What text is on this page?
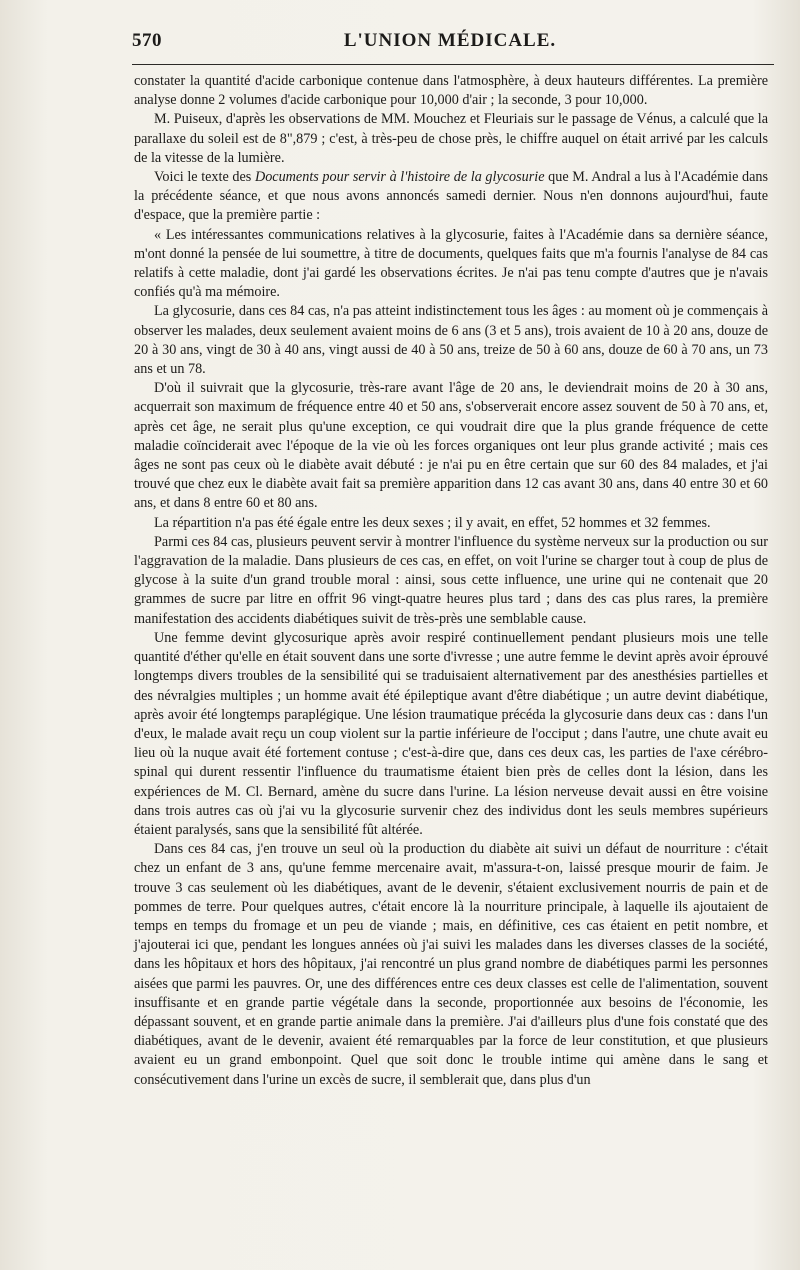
570	L'UNION MÉDICALE.

constater la quantité d'acide carbonique contenue dans l'atmosphère, à deux hauteurs différentes. La première analyse donne 2 volumes d'acide carbonique pour 10,000 d'air ; la seconde, 3 pour 10,000.

M. Puiseux, d'après les observations de MM. Mouchez et Fleuriais sur le passage de Vénus, a calculé que la parallaxe du soleil est de 8",879 ; c'est, à très-peu de chose près, le chiffre auquel on était arrivé par les calculs de la vitesse de la lumière.

Voici le texte des Documents pour servir à l'histoire de la glycosurie que M. Andral a lus à l'Académie dans la précédente séance, et que nous avons annoncés samedi dernier. Nous n'en donnons aujourd'hui, faute d'espace, que la première partie :

« Les intéressantes communications relatives à la glycosurie, faites à l'Académie dans sa dernière séance, m'ont donné la pensée de lui soumettre, à titre de documents, quelques faits que m'a fournis l'analyse de 84 cas relatifs à cette maladie, dont j'ai gardé les observations écrites. Je n'ai pas tenu compte d'autres que je n'avais confiés qu'à ma mémoire.

La glycosurie, dans ces 84 cas, n'a pas atteint indistinctement tous les âges : au moment où je commençais à observer les malades, deux seulement avaient moins de 6 ans (3 et 5 ans), trois avaient de 10 à 20 ans, douze de 20 à 30 ans, vingt de 30 à 40 ans, vingt aussi de 40 à 50 ans, treize de 50 à 60 ans, douze de 60 à 70 ans, un 73 ans et un 78.

D'où il suivrait que la glycosurie, très-rare avant l'âge de 20 ans, le deviendrait moins de 20 à 30 ans, acquerrait son maximum de fréquence entre 40 et 50 ans, s'observerait encore assez souvent de 50 à 70 ans, et, après cet âge, ne serait plus qu'une exception, ce qui voudrait dire que la plus grande fréquence de cette maladie coïnciderait avec l'époque de la vie où les forces organiques ont leur plus grande activité ; mais ces âges ne sont pas ceux où le diabète avait débuté : je n'ai pu en être certain que sur 60 des 84 malades, et j'ai trouvé que chez eux le diabète avait fait sa première apparition dans 12 cas avant 30 ans, dans 40 entre 30 et 60 ans, et dans 8 entre 60 et 80 ans.

La répartition n'a pas été égale entre les deux sexes ; il y avait, en effet, 52 hommes et 32 femmes.

Parmi ces 84 cas, plusieurs peuvent servir à montrer l'influence du système nerveux sur la production ou sur l'aggravation de la maladie. Dans plusieurs de ces cas, en effet, on voit l'urine se charger tout à coup de plus de glycose à la suite d'un grand trouble moral : ainsi, sous cette influence, une urine qui ne contenait que 20 grammes de sucre par litre en offrit 96 vingt-quatre heures plus tard ; dans des cas plus rares, la première manifestation des accidents diabétiques suivit de très-près une semblable cause.

Une femme devint glycosurique après avoir respiré continuellement pendant plusieurs mois une telle quantité d'éther qu'elle en était souvent dans une sorte d'ivresse ; une autre femme le devint après avoir éprouvé longtemps divers troubles de la sensibilité qui se traduisaient alternativement par des anesthésies partielles et des névralgies multiples ; un homme avait été épileptique avant d'être diabétique ; un autre devint diabétique, après avoir été longtemps paraplégique. Une lésion traumatique précéda la glycosurie dans deux cas : dans l'un d'eux, le malade avait reçu un coup violent sur la partie inférieure de l'occiput ; dans l'autre, une chute avait eu lieu où la nuque avait été fortement contuse ; c'est-à-dire que, dans ces deux cas, les parties de l'axe cérébro-spinal qui durent ressentir l'influence du traumatisme étaient bien près de celles dont la lésion, dans les expériences de M. Cl. Bernard, amène du sucre dans l'urine. La lésion nerveuse devait aussi en être voisine dans trois autres cas où j'ai vu la glycosurie survenir chez des individus dont les seuls membres supérieurs étaient paralysés, sans que la sensibilité fût altérée.

Dans ces 84 cas, j'en trouve un seul où la production du diabète ait suivi un défaut de nourriture : c'était chez un enfant de 3 ans, qu'une femme mercenaire avait, m'assura-t-on, laissé presque mourir de faim. Je trouve 3 cas seulement où les diabétiques, avant de le devenir, s'étaient exclusivement nourris de pain et de pommes de terre. Pour quelques autres, c'était encore là la nourriture principale, à laquelle ils ajoutaient de temps en temps du fromage et un peu de viande ; mais, en définitive, ces cas étaient en petit nombre, et j'ajouterai ici que, pendant les longues années où j'ai suivi les malades dans les diverses classes de la société, dans les hôpitaux et hors des hôpitaux, j'ai rencontré un plus grand nombre de diabétiques parmi les personnes aisées que parmi les pauvres. Or, une des différences entre ces deux classes est celle de l'alimentation, souvent insuffisante et en grande partie végétale dans la seconde, proportionnée aux besoins de l'économie, les dépassant souvent, et en grande partie animale dans la première. J'ai d'ailleurs plus d'une fois constaté que des diabétiques, avant de le devenir, avaient été remarquables par la force de leur constitution, et que plusieurs avaient eu un grand embonpoint. Quel que soit donc le trouble intime qui amène dans le sang et consécutivement dans l'urine un excès de sucre, il semblerait que, dans plus d'un
